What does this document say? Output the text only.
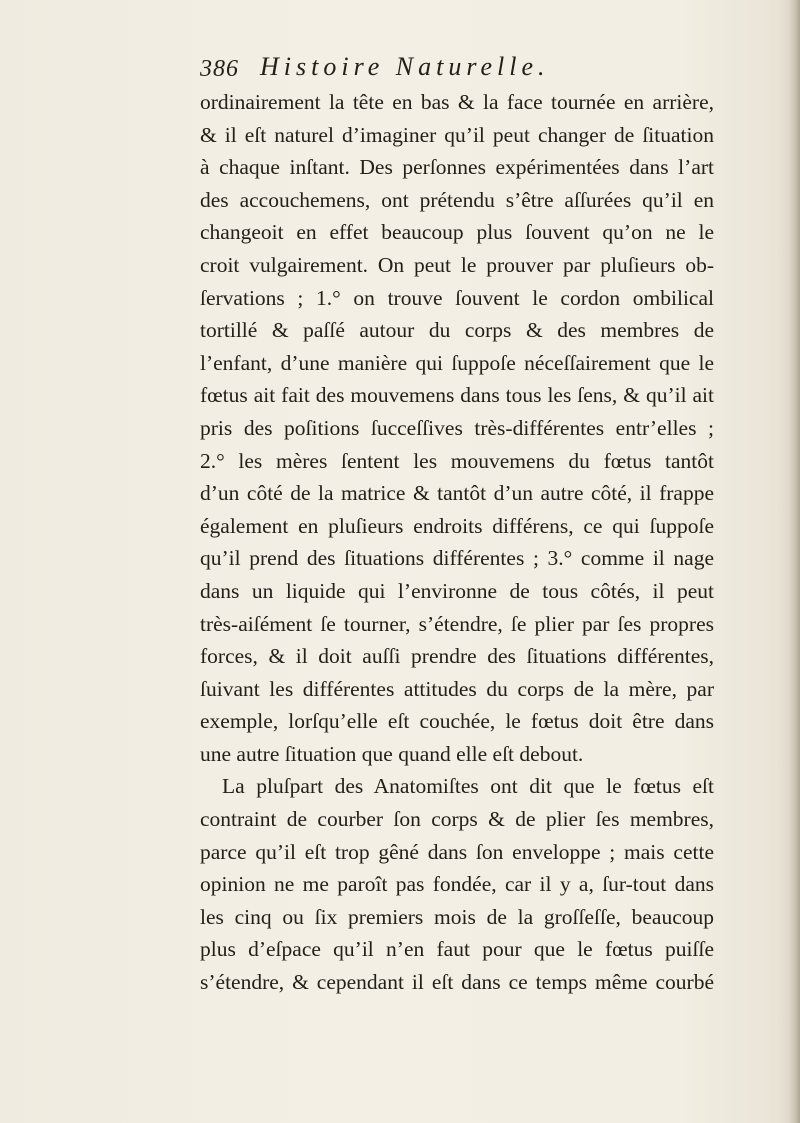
386 Histoire Naturelle.
ordinairement la tête en bas & la face tournée en arrière,
& il eſt naturel d’imaginer qu’il peut changer de ſituation
à chaque inſtant. Des perſonnes expérimentées dans l’art
des accouchemens, ont prétendu s’être aſſurées qu’il en
changeoit en effet beaucoup plus ſouvent qu’on ne le
croit vulgairement. On peut le prouver par pluſieurs ob-
ſervations ; 1.° on trouve ſouvent le cordon ombilical
tortillé & paſſé autour du corps & des membres de
l’enfant, d’une manière qui ſuppoſe néceſſairement que le
fœtus ait fait des mouvemens dans tous les ſens, & qu’il ait
pris des poſitions ſucceſſives très-différentes entr’elles ;
2.° les mères ſentent les mouvemens du fœtus tantôt
d’un côté de la matrice & tantôt d’un autre côté, il frappe
également en pluſieurs endroits différens, ce qui ſuppoſe
qu’il prend des ſituations différentes ; 3.° comme il nage
dans un liquide qui l’environne de tous côtés, il peut
très-aiſément ſe tourner, s’étendre, ſe plier par ſes propres
forces, & il doit auſſi prendre des ſituations différentes,
ſuivant les différentes attitudes du corps de la mère, par
exemple, lorſqu’elle eſt couchée, le fœtus doit être dans
une autre ſituation que quand elle eſt debout.
La pluſpart des Anatomiſtes ont dit que le fœtus eſt
contraint de courber ſon corps & de plier ſes membres,
parce qu’il eſt trop gêné dans ſon enveloppe ; mais cette
opinion ne me paroît pas fondée, car il y a, ſur-tout dans
les cinq ou ſix premiers mois de la groſſeſſe, beaucoup
plus d’eſpace qu’il n’en faut pour que le fœtus puiſſe
s’étendre, & cependant il eſt dans ce temps même courbé
